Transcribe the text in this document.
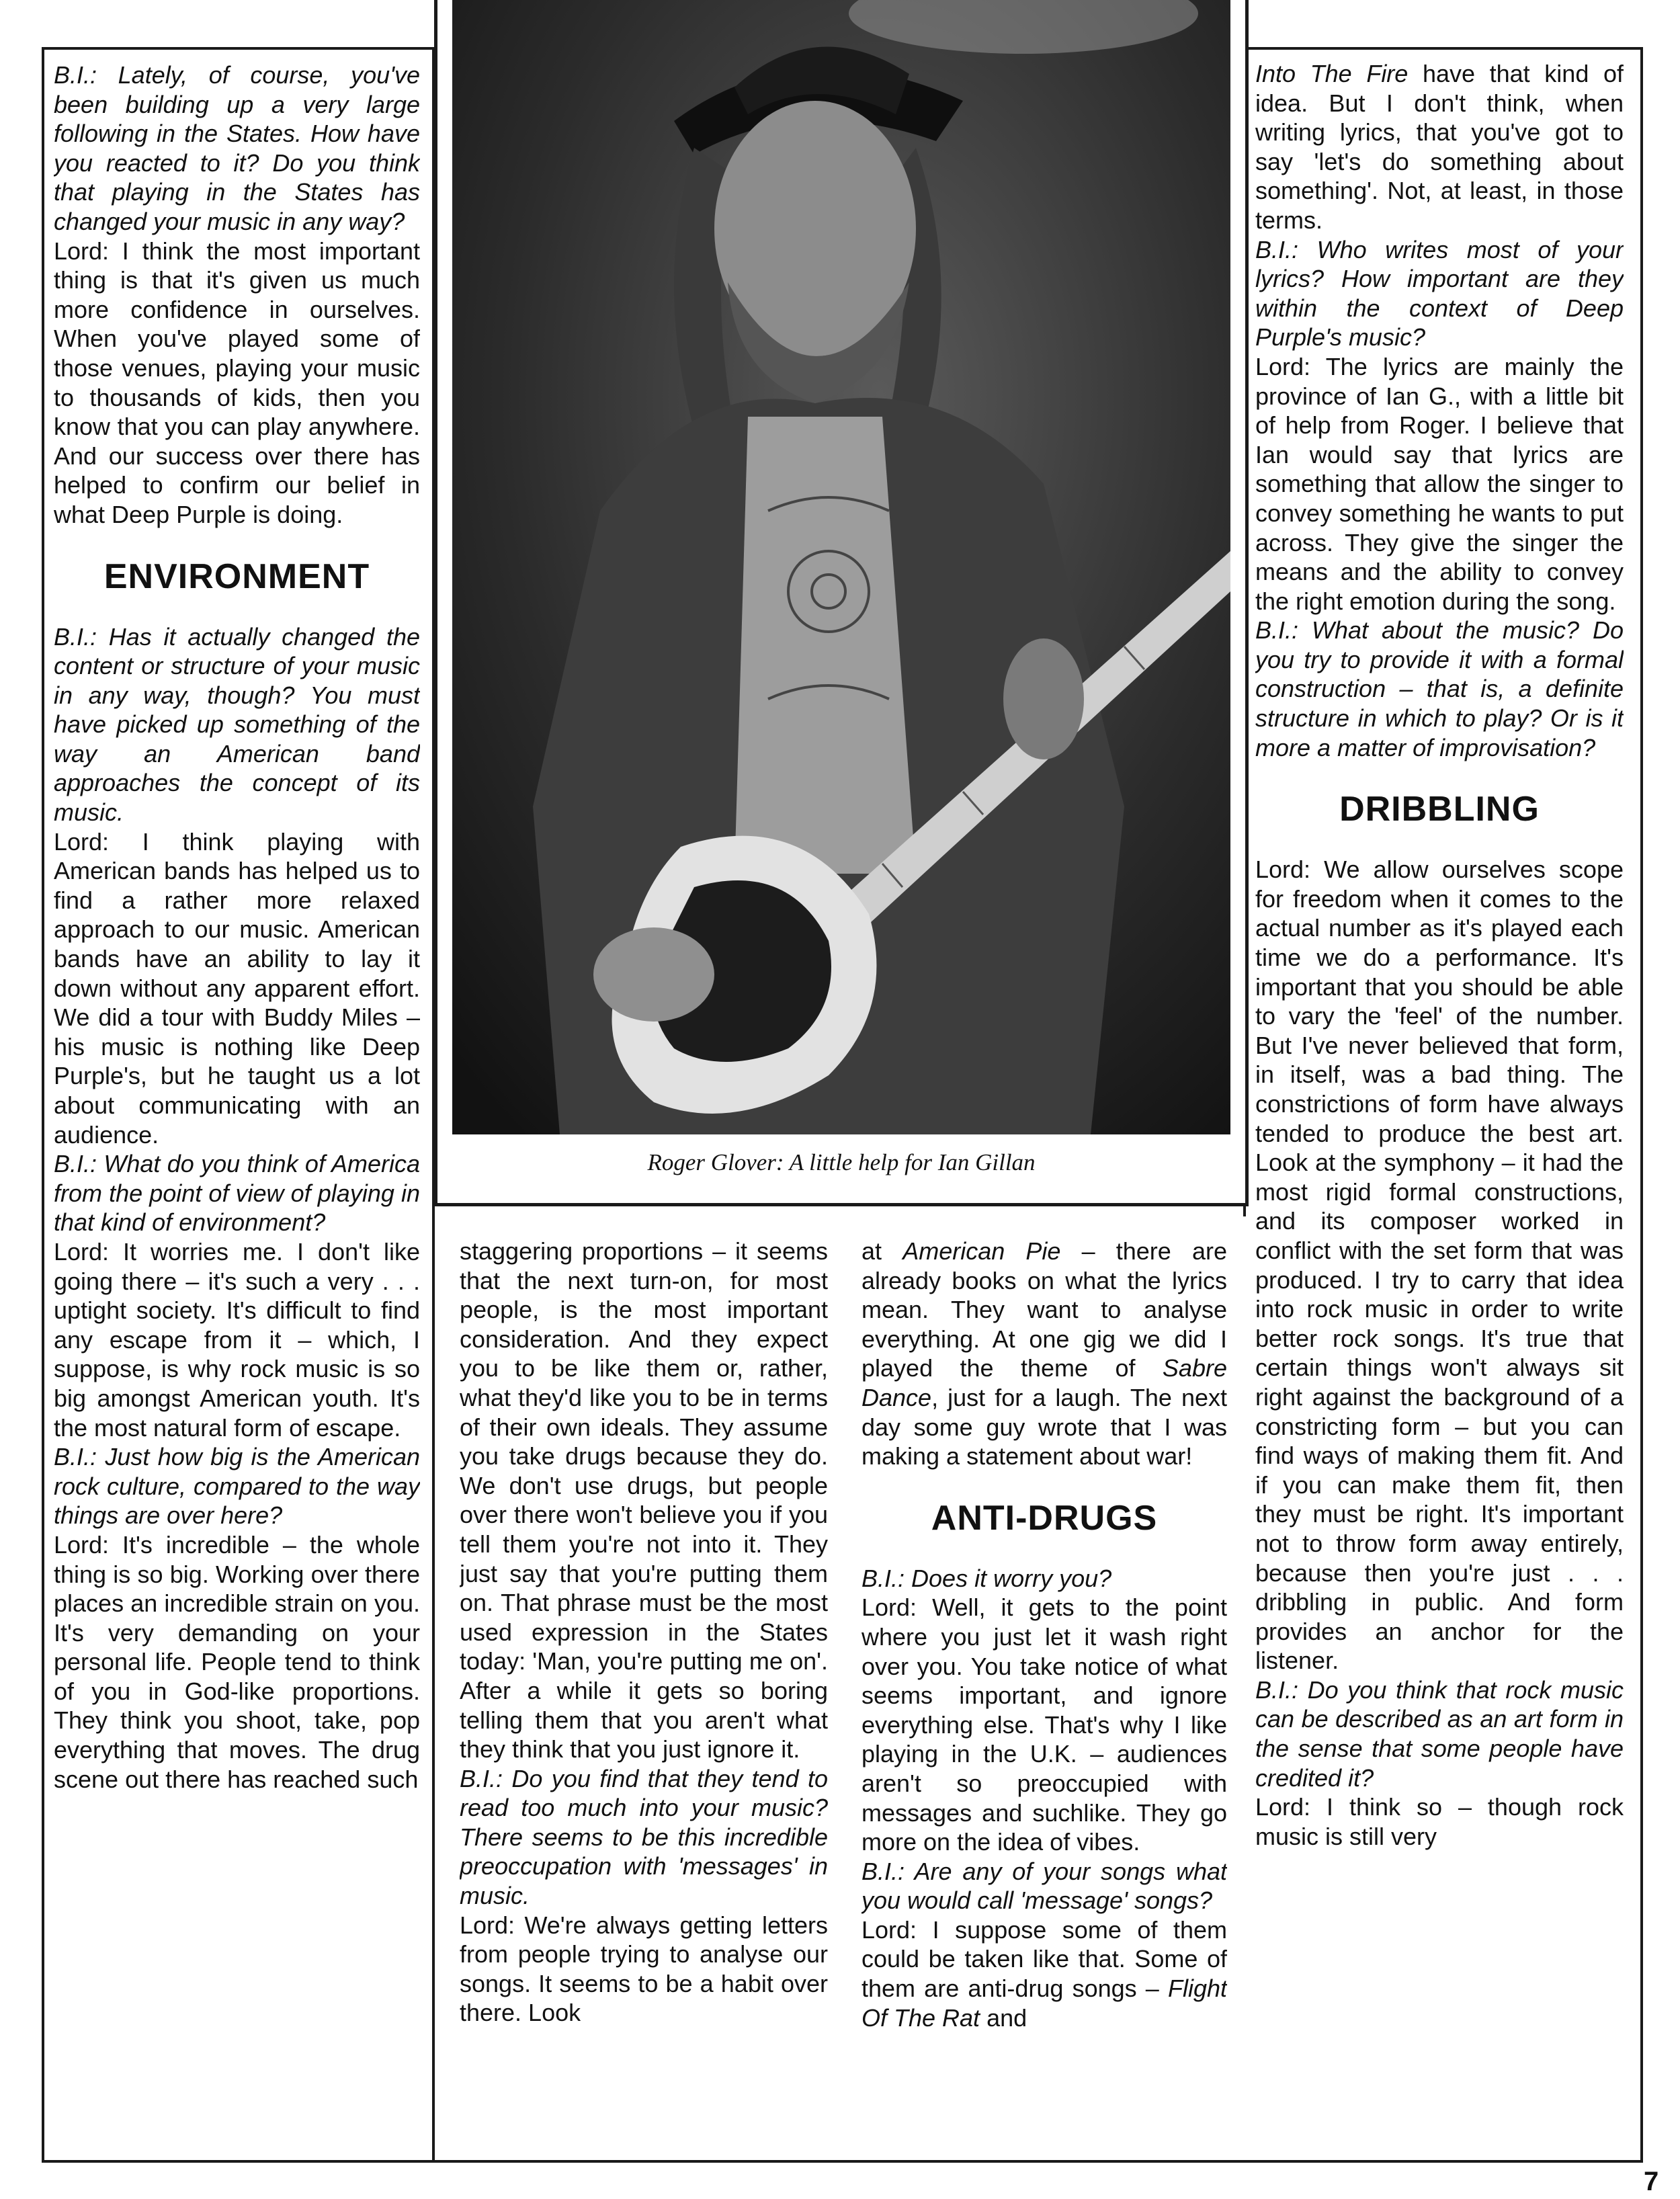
B.I.: Lately, of course, you've been building up a very large following in the States. How have you reacted to it? Do you think that playing in the States has changed your music in any way?

Lord: I think the most important thing is that it's given us much more confidence in ourselves. When you've played some of those venues, playing your music to thousands of kids, then you know that you can play anywhere. And our success over there has helped to confirm our belief in what Deep Purple is doing.

ENVIRONMENT

B.I.: Has it actually changed the content or structure of your music in any way, though? You must have picked up something of the way an American band approaches the concept of its music.

Lord: I think playing with American bands has helped us to find a rather more relaxed approach to our music. American bands have an ability to lay it down without any apparent effort. We did a tour with Buddy Miles – his music is nothing like Deep Purple's, but he taught us a lot about communicating with an audience.

B.I.: What do you think of America from the point of view of playing in that kind of environment?

Lord: It worries me. I don't like going there – it's such a very . . . uptight society. It's difficult to find any escape from it – which, I suppose, is why rock music is so big amongst American youth. It's the most natural form of escape.

B.I.: Just how big is the American rock culture, compared to the way things are over here?

Lord: It's incredible – the whole thing is so big. Working over there places an incredible strain on you. It's very demanding on your personal life. People tend to think of you in God-like proportions. They think you shoot, take, pop everything that moves. The drug scene out there has reached such

Roger Glover: A little help for Ian Gillan

staggering proportions – it seems that the next turn-on, for most people, is the most important consideration. And they expect you to be like them or, rather, what they'd like you to be in terms of their own ideals. They assume you take drugs because they do. We don't use drugs, but people over there won't believe you if you tell them you're not into it. They just say that you're putting them on. That phrase must be the most used expression in the States today: 'Man, you're putting me on'. After a while it gets so boring telling them that you aren't what they think that you just ignore it.

B.I.: Do you find that they tend to read too much into your music? There seems to be this incredible preoccupation with 'messages' in music.

Lord: We're always getting letters from people trying to analyse our songs. It seems to be a habit over there. Look

at American Pie – there are already books on what the lyrics mean. They want to analyse everything. At one gig we did I played the theme of Sabre Dance, just for a laugh. The next day some guy wrote that I was making a statement about war!

ANTI-DRUGS

B.I.: Does it worry you?

Lord: Well, it gets to the point where you just let it wash right over you. You take notice of what seems important, and ignore everything else. That's why I like playing in the U.K. – audiences aren't so preoccupied with messages and suchlike. They go more on the idea of vibes.

B.I.: Are any of your songs what you would call 'message' songs?

Lord: I suppose some of them could be taken like that. Some of them are anti-drug songs – Flight Of The Rat and

Into The Fire have that kind of idea. But I don't think, when writing lyrics, that you've got to say 'let's do something about something'. Not, at least, in those terms.

B.I.: Who writes most of your lyrics? How important are they within the context of Deep Purple's music?

Lord: The lyrics are mainly the province of Ian G., with a little bit of help from Roger. I believe that Ian would say that lyrics are something that allow the singer to convey something he wants to put across. They give the singer the means and the ability to convey the right emotion during the song.

B.I.: What about the music? Do you try to provide it with a formal construction – that is, a definite structure in which to play? Or is it more a matter of improvisation?

DRIBBLING

Lord: We allow ourselves scope for freedom when it comes to the actual number as it's played each time we do a performance. It's important that you should be able to vary the 'feel' of the number. But I've never believed that form, in itself, was a bad thing. The constrictions of form have always tended to produce the best art. Look at the symphony – it had the most rigid formal constructions, and its composer worked in conflict with the set form that was produced. I try to carry that idea into rock music in order to write better rock songs. It's true that certain things won't always sit right against the background of a constricting form – but you can find ways of making them fit. And if you can make them fit, then they must be right. It's important not to throw form away entirely, because then you're just . . . dribbling in public. And form provides an anchor for the listener.

B.I.: Do you think that rock music can be described as an art form in the sense that some people have credited it?

Lord: I think so – though rock music is still very

7
